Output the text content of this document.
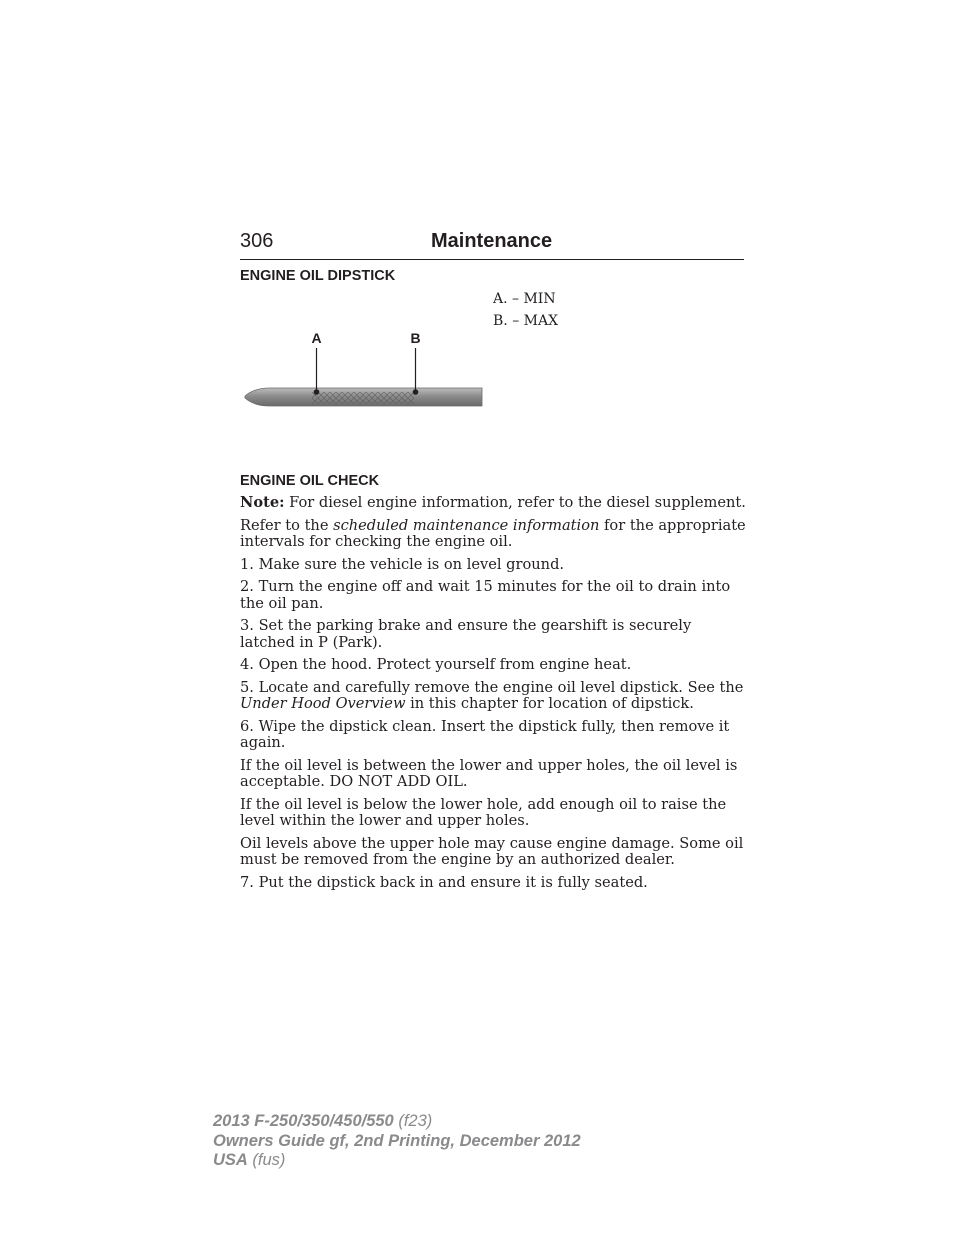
306	Maintenance
ENGINE OIL DIPSTICK
A. – MIN
B. – MAX
A	B
ENGINE OIL CHECK

Note: For diesel engine information, refer to the diesel supplement.

Refer to the scheduled maintenance information for the appropriate intervals for checking the engine oil.

1. Make sure the vehicle is on level ground.

2. Turn the engine off and wait 15 minutes for the oil to drain into the oil pan.

3. Set the parking brake and ensure the gearshift is securely latched in P (Park).

4. Open the hood. Protect yourself from engine heat.

5. Locate and carefully remove the engine oil level dipstick. See the Under Hood Overview in this chapter for location of dipstick.

6. Wipe the dipstick clean. Insert the dipstick fully, then remove it again.

If the oil level is between the lower and upper holes, the oil level is acceptable. DO NOT ADD OIL.

If the oil level is below the lower hole, add enough oil to raise the level within the lower and upper holes.

Oil levels above the upper hole may cause engine damage. Some oil must be removed from the engine by an authorized dealer.

7. Put the dipstick back in and ensure it is fully seated.

2013 F-250/350/450/550 (f23)
Owners Guide gf, 2nd Printing, December 2012
USA (fus)
